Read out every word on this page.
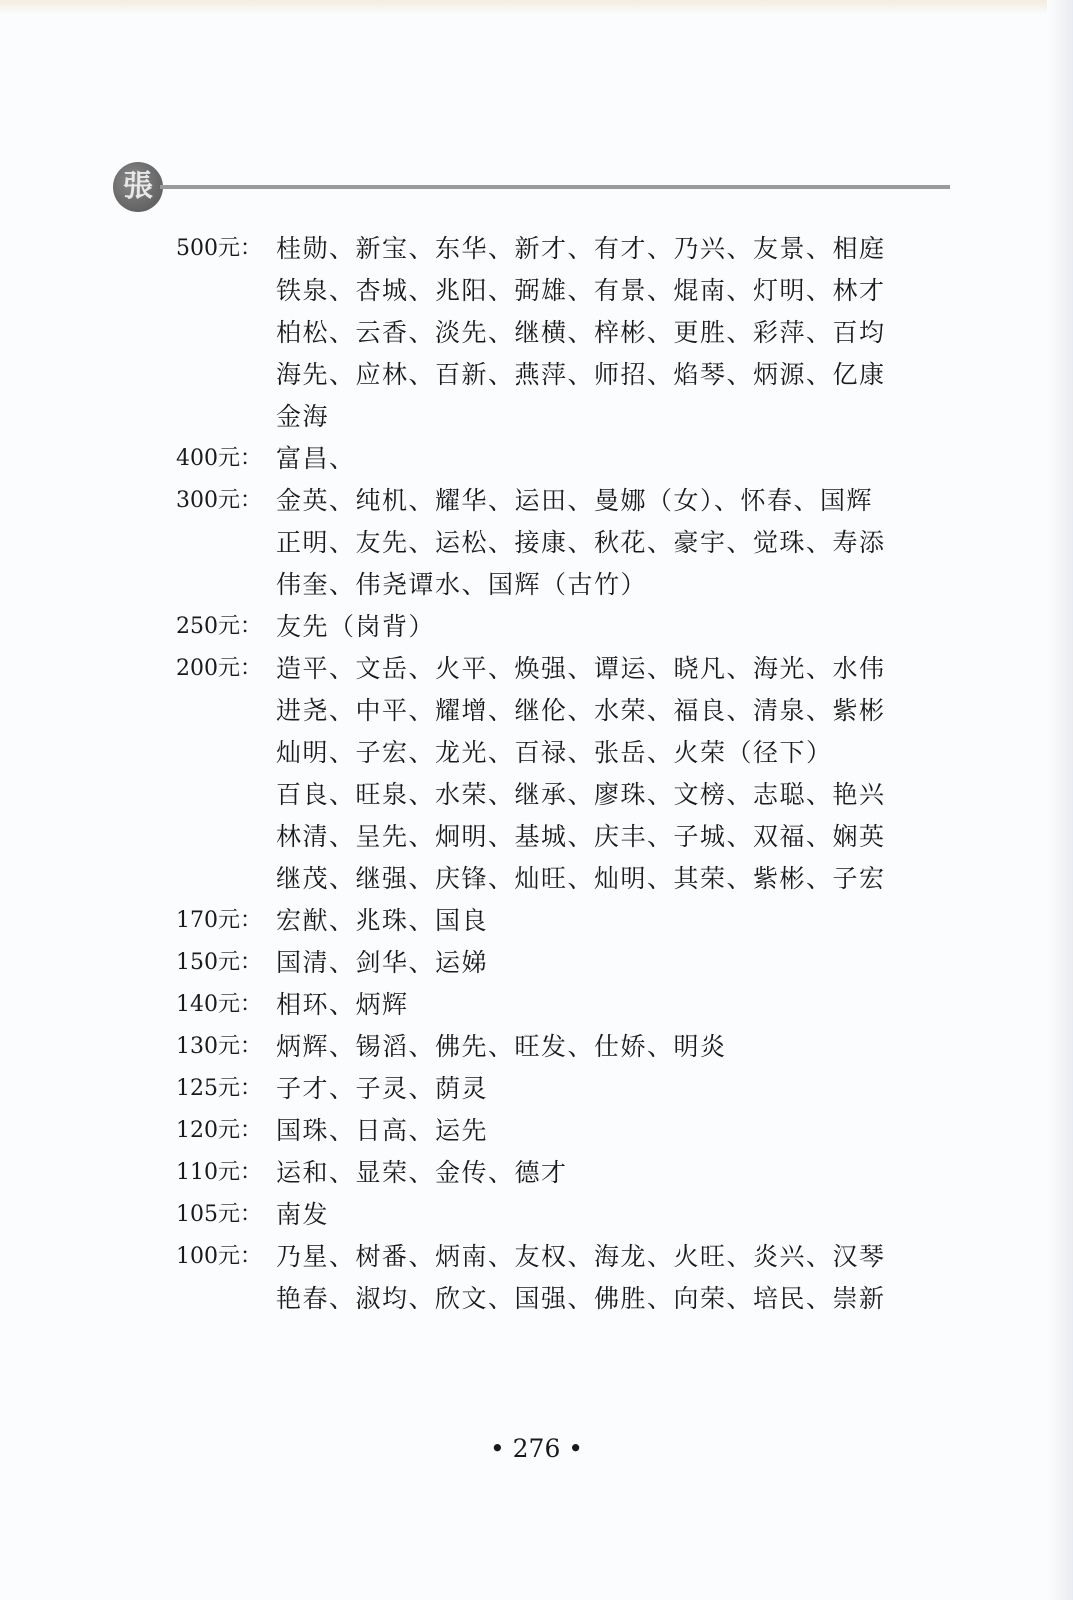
張
500元： 桂勋、新宝、东华、新才、有才、乃兴、友景、相庭
铁泉、杏城、兆阳、弼雄、有景、焜南、灯明、林才
柏松、云香、淡先、继横、梓彬、更胜、彩萍、百均
海先、应林、百新、燕萍、师招、焰琴、炳源、亿康
金海
400元： 富昌、
300元： 金英、纯机、耀华、运田、曼娜（女）、怀春、国辉
正明、友先、运松、接康、秋花、豪宇、觉珠、寿添
伟奎、伟尧谭水、国辉（古竹）
250元： 友先（岗背）
200元： 造平、文岳、火平、焕强、谭运、晓凡、海光、水伟
进尧、中平、耀增、继伦、水荣、福良、清泉、紫彬
灿明、子宏、龙光、百禄、张岳、火荣（径下）
百良、旺泉、水荣、继承、廖珠、文榜、志聪、艳兴
林清、呈先、炯明、基城、庆丰、子城、双福、娴英
继茂、继强、庆锋、灿旺、灿明、其荣、紫彬、子宏
170元： 宏猷、兆珠、国良
150元： 国清、剑华、运娣
140元： 相环、炳辉
130元： 炳辉、锡滔、佛先、旺发、仕娇、明炎
125元： 子才、子灵、荫灵
120元： 国珠、日高、运先
110元： 运和、显荣、金传、德才
105元： 南发
100元： 乃星、树番、炳南、友权、海龙、火旺、炎兴、汉琴
艳春、淑均、欣文、国强、佛胜、向荣、培民、崇新
• 276 •
